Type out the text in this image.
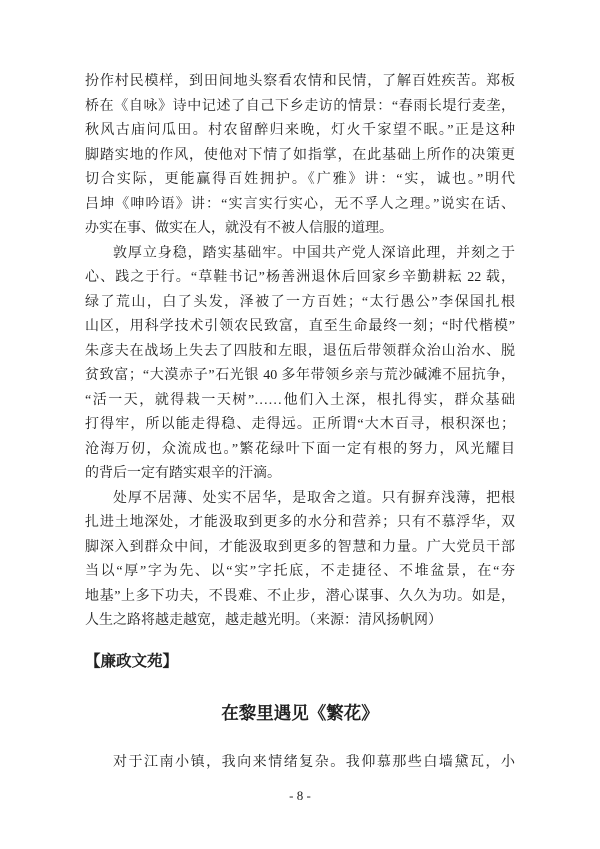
扮作村民模样，到田间地头察看农情和民情，了解百姓疾苦。郑板
桥在《自咏》诗中记述了自己下乡走访的情景：“春雨长堤行麦垄，
秋风古庙问瓜田。村农留醉归来晚，灯火千家望不眠。”正是这种
脚踏实地的作风，使他对下情了如指掌，在此基础上所作的决策更
切合实际，更能赢得百姓拥护。《广雅》讲：“实，诚也。”明代
吕坤《呻吟语》讲：“实言实行实心，无不孚人之理。”说实在话、
办实在事、做实在人，就没有不被人信服的道理。
敦厚立身稳，踏实基础牢。中国共产党人深谙此理，并刻之于
心、践之于行。“草鞋书记”杨善洲退休后回家乡辛勤耕耘 22 载，
绿了荒山，白了头发，泽被了一方百姓；“太行愚公”李保国扎根
山区，用科学技术引领农民致富，直至生命最终一刻；“时代楷模”
朱彦夫在战场上失去了四肢和左眼，退伍后带领群众治山治水、脱
贫致富；“大漠赤子”石光银 40 多年带领乡亲与荒沙碱滩不屈抗争，
“活一天，就得栽一天树”……他们入土深，根扎得实，群众基础
打得牢，所以能走得稳、走得远。正所谓“大木百寻，根积深也；
沧海万仞，众流成也。”繁花绿叶下面一定有根的努力，风光耀目
的背后一定有踏实艰辛的汗滴。
处厚不居薄、处实不居华，是取舍之道。只有摒弃浅薄，把根
扎进土地深处，才能汲取到更多的水分和营养；只有不慕浮华，双
脚深入到群众中间，才能汲取到更多的智慧和力量。广大党员干部
当以“厚”字为先、以“实”字托底，不走捷径、不堆盆景，在“夯
地基”上多下功夫，不畏难、不止步，潜心谋事、久久为功。如是，
人生之路将越走越宽，越走越光明。（来源：清风扬帆网）
【廉政文苑】
在黎里遇见《繁花》
对于江南小镇，我向来情绪复杂。我仰慕那些白墙黛瓦，小
- 8 -
